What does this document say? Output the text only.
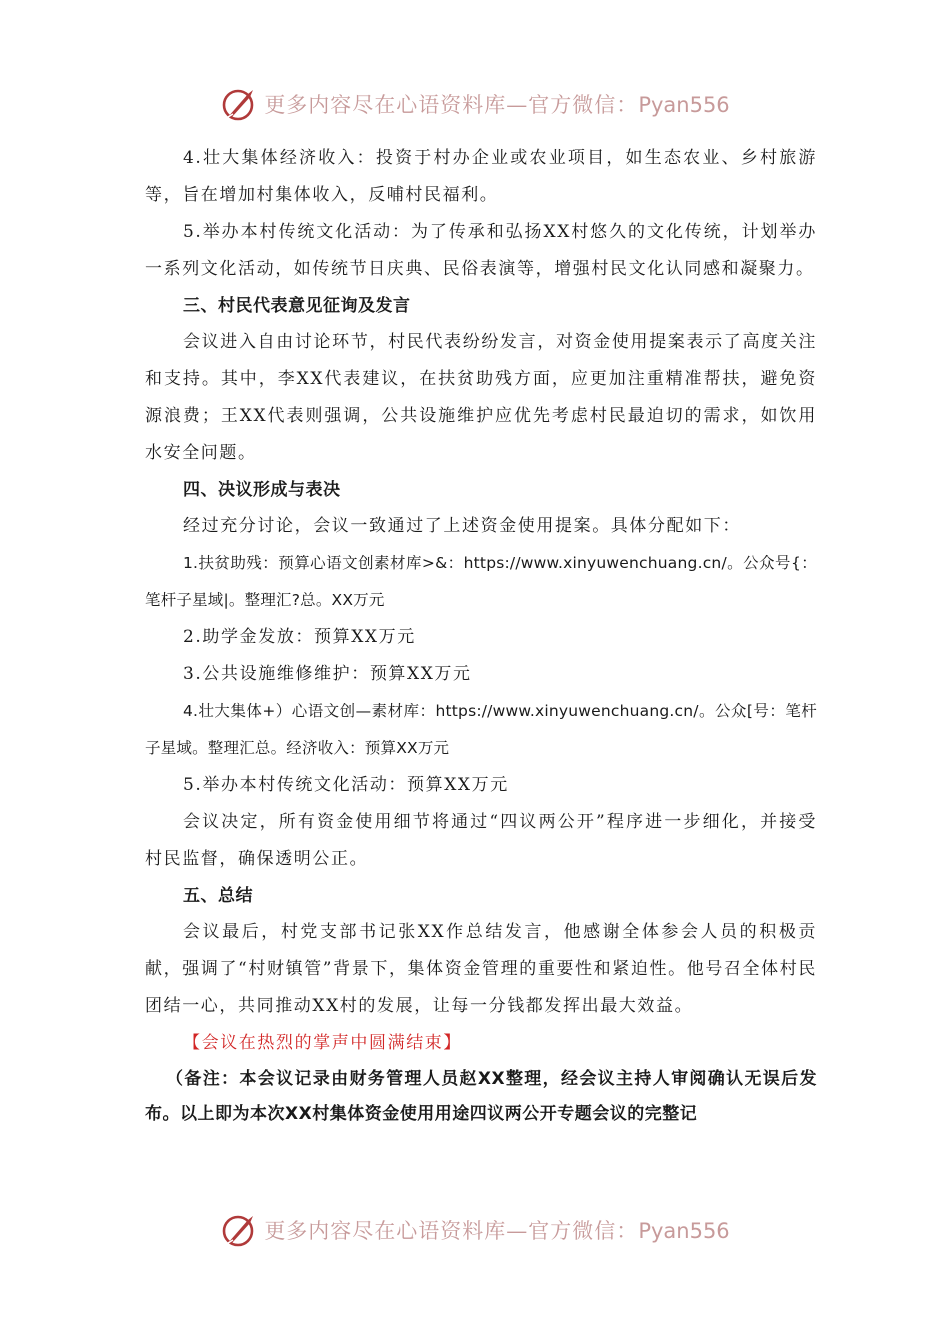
更多内容尽在心语资料库—官方微信：Pyan556

4.壮大集体经济收入：投资于村办企业或农业项目，如生态农业、乡村旅游等，旨在增加村集体收入，反哺村民福利。

5.举办本村传统文化活动：为了传承和弘扬XX村悠久的文化传统，计划举办一系列文化活动，如传统节日庆典、民俗表演等，增强村民文化认同感和凝聚力。

三、村民代表意见征询及发言

会议进入自由讨论环节，村民代表纷纷发言，对资金使用提案表示了高度关注和支持。其中，李XX代表建议，在扶贫助残方面，应更加注重精准帮扶，避免资源浪费；王XX代表则强调，公共设施维护应优先考虑村民最迫切的需求，如饮用水安全问题。

四、决议形成与表决

经过充分讨论，会议一致通过了上述资金使用提案。具体分配如下：

1.扶贫助残：预算心语文创素材库>&：https://www.xinyuwenchuang.cn/。公众号{：笔杆子星域|。整理汇?总。XX万元

2.助学金发放：预算XX万元

3.公共设施维修维护：预算XX万元

4.壮大集体+）心语文创—素材库：https://www.xinyuwenchuang.cn/。公众[号：笔杆子星域。整理汇总。经济收入：预算XX万元

5.举办本村传统文化活动：预算XX万元

会议决定，所有资金使用细节将通过“四议两公开”程序进一步细化，并接受村民监督，确保透明公正。

五、总结

会议最后，村党支部书记张XX作总结发言，他感谢全体参会人员的积极贡献，强调了“村财镇管”背景下，集体资金管理的重要性和紧迫性。他号召全体村民团结一心，共同推动XX村的发展，让每一分钱都发挥出最大效益。

【会议在热烈的掌声中圆满结束】

（备注：本会议记录由财务管理人员赵XX整理，经会议主持人审阅确认无误后发布。以上即为本次XX村集体资金使用用途四议两公开专题会议的完整记

更多内容尽在心语资料库—官方微信：Pyan556
